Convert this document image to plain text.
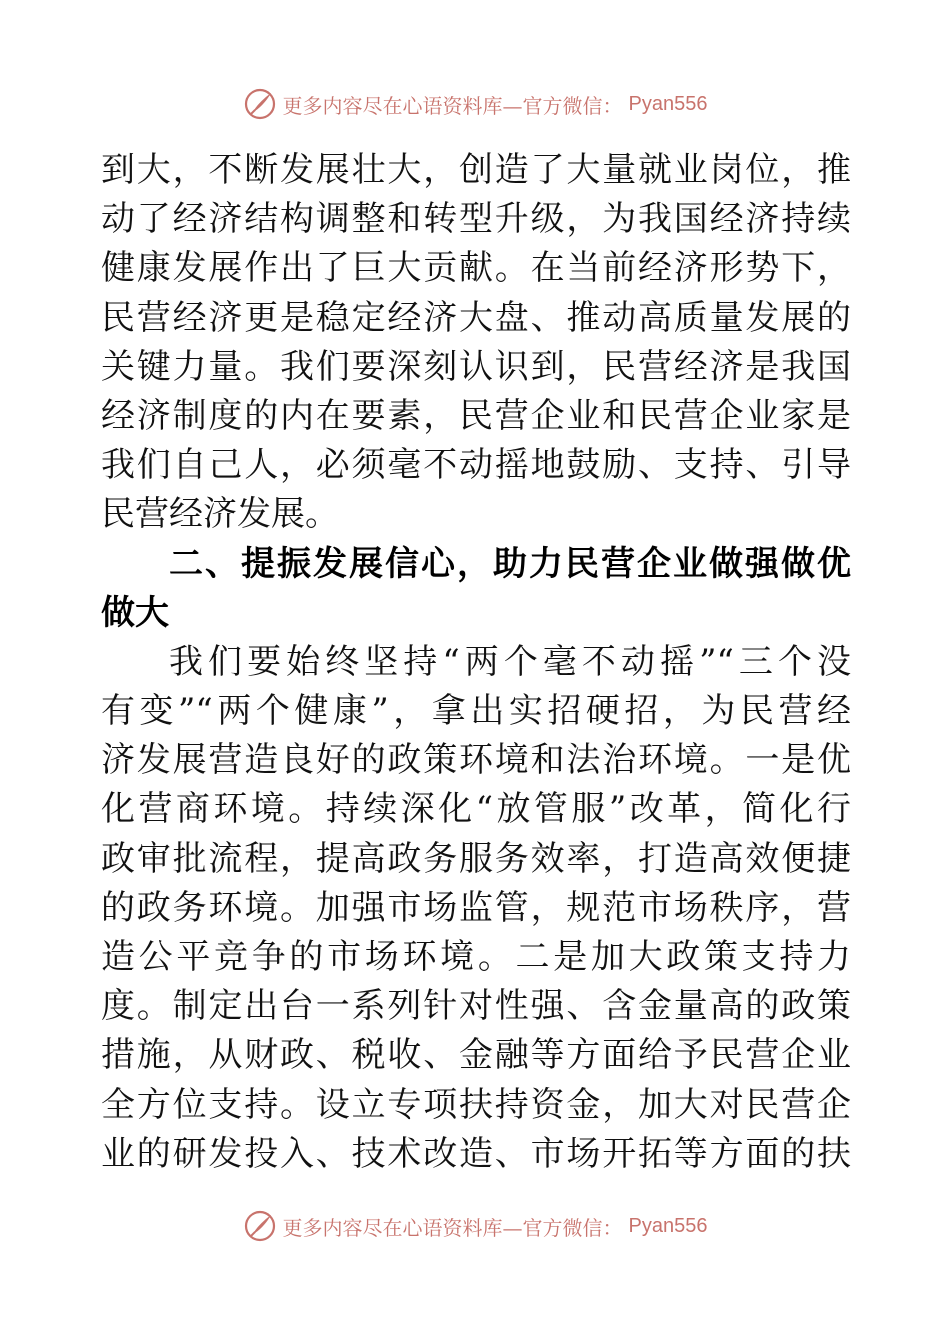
更多内容尽在心语资料库—官方微信： Pyan556
到大，不断发展壮大，创造了大量就业岗位，推
动了经济结构调整和转型升级，为我国经济持续
健康发展作出了巨大贡献。在当前经济形势下，
民营经济更是稳定经济大盘、推动高质量发展的
关键力量。我们要深刻认识到，民营经济是我国
经济制度的内在要素，民营企业和民营企业家是
我们自己人，必须毫不动摇地鼓励、支持、引导
民营经济发展。
二、提振发展信心，助力民营企业做强做优
做大
我们要始终坚持“两个毫不动摇”“三个没
有变”“两个健康”，拿出实招硬招，为民营经
济发展营造良好的政策环境和法治环境。一是优
化营商环境。持续深化“放管服”改革，简化行
政审批流程，提高政务服务效率，打造高效便捷
的政务环境。加强市场监管，规范市场秩序，营
造公平竞争的市场环境。二是加大政策支持力
度。制定出台一系列针对性强、含金量高的政策
措施，从财政、税收、金融等方面给予民营企业
全方位支持。设立专项扶持资金，加大对民营企
业的研发投入、技术改造、市场开拓等方面的扶
更多内容尽在心语资料库—官方微信： Pyan556
